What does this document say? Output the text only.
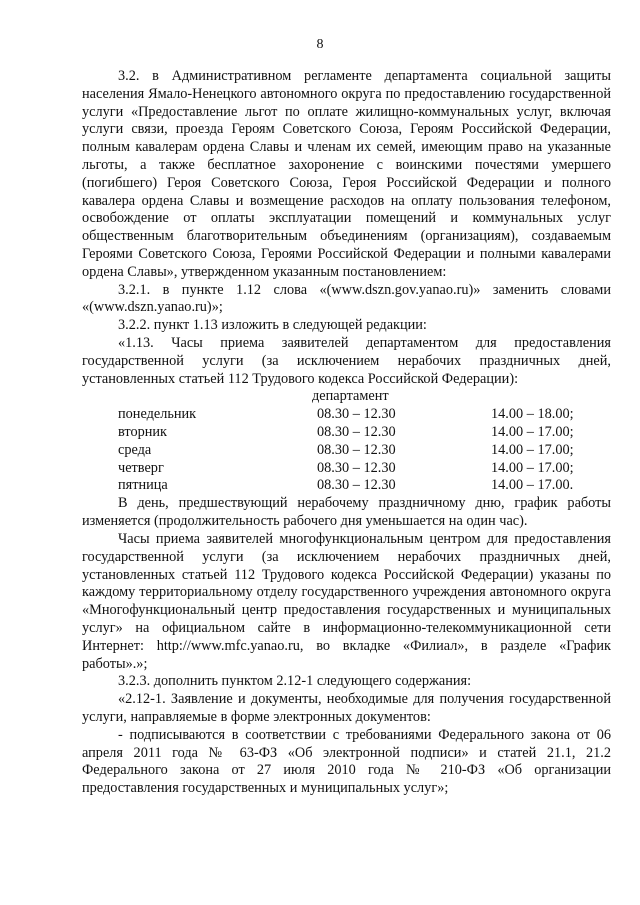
8

3.2. в Административном регламенте департамента социальной защиты населения Ямало-Ненецкого автономного округа по предоставлению государственной услуги «Предоставление льгот по оплате жилищно-коммунальных услуг, включая услуги связи, проезда Героям Советского Союза, Героям Российской Федерации, полным кавалерам ордена Славы и членам их семей, имеющим право на указанные льготы, а также бесплатное захоронение с воинскими почестями умершего (погибшего) Героя Советского Союза, Героя Российской Федерации и полного кавалера ордена Славы и возмещение расходов на оплату пользования телефоном, освобождение от оплаты эксплуатации помещений и коммунальных услуг общественным благотворительным объединениям (организациям), создаваемым Героями Советского Союза, Героями Российской Федерации и полными кавалерами ордена Славы», утвержденном указанным постановлением:

3.2.1. в пункте 1.12 слова «(www.dszn.gov.yanao.ru)» заменить словами «(www.dszn.yanao.ru)»;

3.2.2. пункт 1.13 изложить в следующей редакции:

«1.13. Часы приема заявителей департаментом для предоставления государственной услуги (за исключением нерабочих праздничных дней, установленных статьей 112 Трудового кодекса Российской Федерации):

департамент
понедельник	08.30 – 12.30	14.00 – 18.00;
вторник	08.30 – 12.30	14.00 – 17.00;
среда	08.30 – 12.30	14.00 – 17.00;
четверг	08.30 – 12.30	14.00 – 17.00;
пятница	08.30 – 12.30	14.00 – 17.00.

В день, предшествующий нерабочему праздничному дню, график работы изменяется (продолжительность рабочего дня уменьшается на один час).

Часы приема заявителей многофункциональным центром для предоставления государственной услуги (за исключением нерабочих праздничных дней, установленных статьей 112 Трудового кодекса Российской Федерации) указаны по каждому территориальному отделу государственного учреждения автономного округа «Многофункциональный центр предоставления государственных и муниципальных услуг» на официальном сайте в информационно-телекоммуникационной сети Интернет: http://www.mfc.yanao.ru, во вкладке «Филиал», в разделе «График работы».»;

3.2.3. дополнить пунктом 2.12-1 следующего содержания:

«2.12-1. Заявление и документы, необходимые для получения государственной услуги, направляемые в форме электронных документов:

- подписываются в соответствии с требованиями Федерального закона от 06 апреля 2011 года № 63-ФЗ «Об электронной подписи» и статей 21.1, 21.2 Федерального закона от 27 июля 2010 года № 210-ФЗ «Об организации предоставления государственных и муниципальных услуг»;
